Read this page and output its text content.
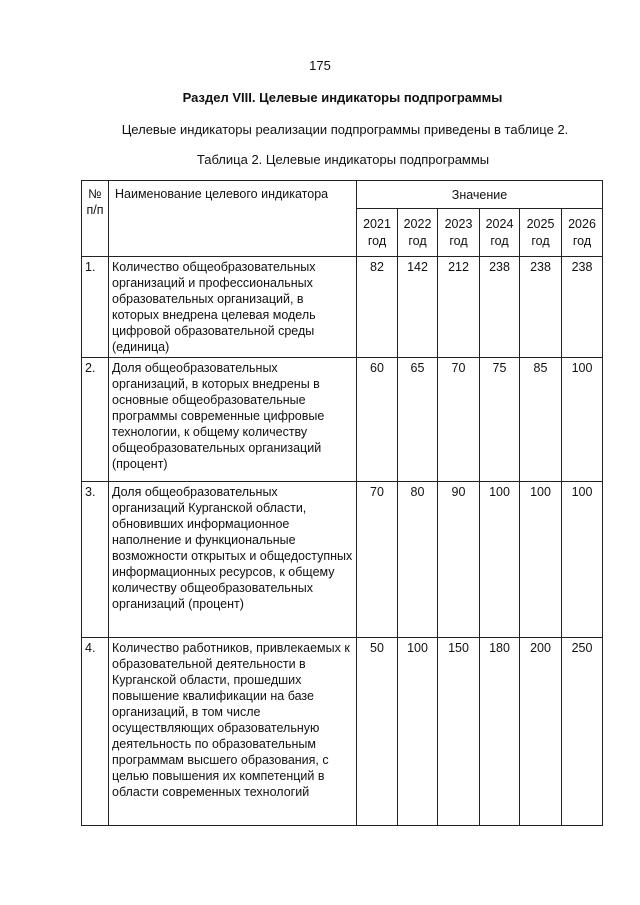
175
Раздел VIII. Целевые индикаторы подпрограммы
Целевые индикаторы реализации подпрограммы приведены в таблице 2.
Таблица 2. Целевые индикаторы подпрограммы
№ п/п	Наименование целевого индикатора	Значение					
		2021 год	2022 год	2023 год	2024 год	2025 год	2026 год
1.	Количество общеобразовательных организаций и профессиональных образовательных организаций, в которых внедрена целевая модель цифровой образовательной среды (единица)	82	142	212	238	238	238
2.	Доля общеобразовательных организаций, в которых внедрены в основные общеобразовательные программы современные цифровые технологии, к общему количеству общеобразовательных организаций (процент)	60	65	70	75	85	100
3.	Доля общеобразовательных организаций Курганской области, обновивших информационное наполнение и функциональные возможности открытых и общедоступных информационных ресурсов, к общему количеству общеобразовательных организаций (процент)	70	80	90	100	100	100
4.	Количество работников, привлекаемых к образовательной деятельности в Курганской области, прошедших повышение квалификации на базе организаций, в том числе осуществляющих образовательную деятельность по образовательным программам высшего образования, с целью повышения их компетенций в области современных технологий	50	100	150	180	200	250
